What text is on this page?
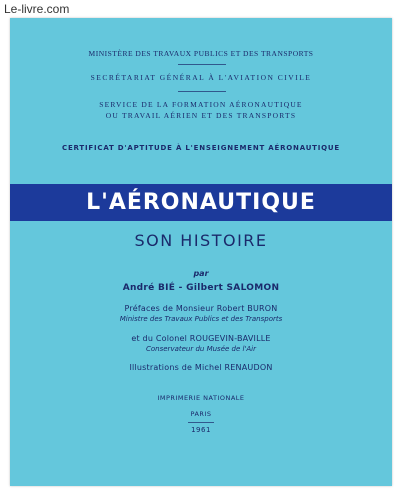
Le-livre.com
MINISTÈRE DES TRAVAUX PUBLICS ET DES TRANSPORTS
SECRÉTARIAT GÉNÉRAL À L'AVIATION CIVILE
SERVICE DE LA FORMATION AÉRONAUTIQUE
OU TRAVAIL AÉRIEN ET DES TRANSPORTS
CERTIFICAT D'APTITUDE À L'ENSEIGNEMENT AÉRONAUTIQUE
L'AÉRONAUTIQUE
SON HISTOIRE
par
André BIÉ - Gilbert SALOMON
Préfaces de Monsieur Robert BURON
Ministre des Travaux Publics et des Transports
et du Colonel ROUGEVIN-BAVILLE
Conservateur du Musée de l'Air
Illustrations de Michel RENAUDON
IMPRIMERIE NATIONALE
PARIS
1961
